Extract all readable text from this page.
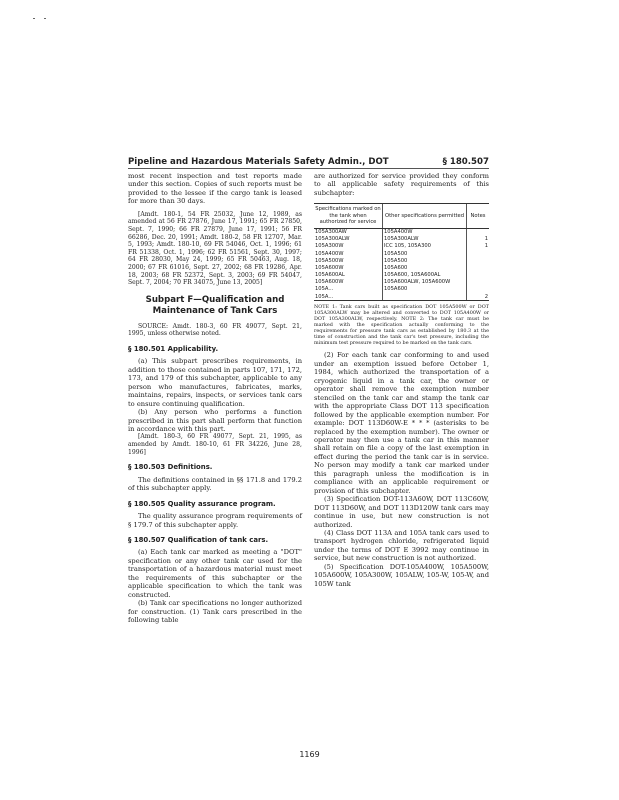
Pipeline and Hazardous Materials Safety Admin., DOT	§ 180.507

most recent inspection and test reports made under this section. Copies of such reports must be provided to the lessee if the cargo tank is leased for more than 30 days.

[Amdt. 180-1, 54 FR 25032, June 12, 1989, as amended at 56 FR 27876, June 17, 1991; 65 FR 27850, Sept. 7, 1990; 66 FR 27879, June 17, 1991; 56 FR 66286, Dec. 20, 1991; Amdt. 180-2, 58 FR 12707, Mar. 5, 1993; Amdt. 180-10, 69 FR 54046, Oct. 1, 1996; 61 FR 51338, Oct. 1, 1996; 62 FR 51561, Sept. 30, 1997; 64 FR 28030, May 24, 1999; 65 FR 50463, Aug. 18, 2000; 67 FR 61016, Sept. 27, 2002; 68 FR 19286, Apr. 18, 2003; 68 FR 52372, Sept. 3, 2003; 69 FR 54047, Sept. 7, 2004; 70 FR 34075, June 13, 2005]

Subpart F—Qualification and Maintenance of Tank Cars

SOURCE: Amdt. 180-3, 60 FR 49077, Sept. 21, 1995, unless otherwise noted.

§ 180.501 Applicability.

(a) This subpart prescribes requirements, in addition to those contained in parts 107, 171, 172, 173, and 179 of this subchapter, applicable to any person who manufactures, fabricates, marks, maintains, repairs, inspects, or services tank cars to ensure continuing qualification.

(b) Any person who performs a function prescribed in this part shall perform that function in accordance with this part.

[Amdt. 180-3, 60 FR 49077, Sept. 21, 1995, as amended by Amdt. 180-10, 61 FR 34226, June 28, 1996]

§ 180.503 Definitions.

The definitions contained in §§ 171.8 and 179.2 of this subchapter apply.

§ 180.505 Quality assurance program.

The quality assurance program requirements of § 179.7 of this subchapter apply.

§ 180.507 Qualification of tank cars.

(a) Each tank car marked as meeting a "DOT" specification or any other tank car used for the transportation of a hazardous material must meet the requirements of this subchapter or the applicable specification to which the tank was constructed.

(b) Tank car specifications no longer authorized for construction. (1) Tank cars prescribed in the following table

are authorized for service provided they conform to all applicable safety requirements of this subchapter:

Specifications marked on the tank when authorized for service	Other specifications permitted	Notes
105A300AW	105A400W	
105A300ALW	105A300ALW	1
105A300W	ICC 105, 105A300	1
105A400W	105A500	
105A500W	105A500	
105A600W	105A600	
105A600AL	105A600, 105A600AL	
105A600W	105A600ALW, 105A600W	
105A...	105A600	
105A...		2

NOTE 1: Tank cars built as specification DOT 105A500W or DOT 105A300ALW may be altered and converted to DOT 105A400W or DOT 105A300ALW, respectively. NOTE 2: The tank car must be marked with the specification actually conforming to the requirements for pressure tank cars as established by 180.3 at the time of construction and the tank car's test pressure, including the minimum test pressure required to be marked on the tank cars.

(2) For each tank car conforming to and used under an exemption issued before October 1, 1984, which authorized the transportation of a cryogenic liquid in a tank car, the owner or operator shall remove the exemption number stenciled on the tank car and stamp the tank car with the appropriate Class DOT 113 specification followed by the applicable exemption number. For example: DOT 113D60W-E * * * (asterisks to be replaced by the exemption number). The owner or operator may then use a tank car in this manner shall retain on file a copy of the last exemption in effect during the period the tank car is in service. No person may modify a tank car marked under this paragraph unless the modification is in compliance with an applicable requirement or provision of this subchapter.

(3) Specification DOT-113A60W, DOT 113C60W, DOT 113D60W, and DOT 113D120W tank cars may continue in use, but new construction is not authorized.

(4) Class DOT 113A and 105A tank cars used to transport hydrogen chloride, refrigerated liquid under the terms of DOT E 3992 may continue in service, but new construction is not authorized.

(5) Specification DOT-105A400W, 105A500W, 105A600W, 105A300W, 105ALW, 105-W, 105-W, and 105W tank

1169
